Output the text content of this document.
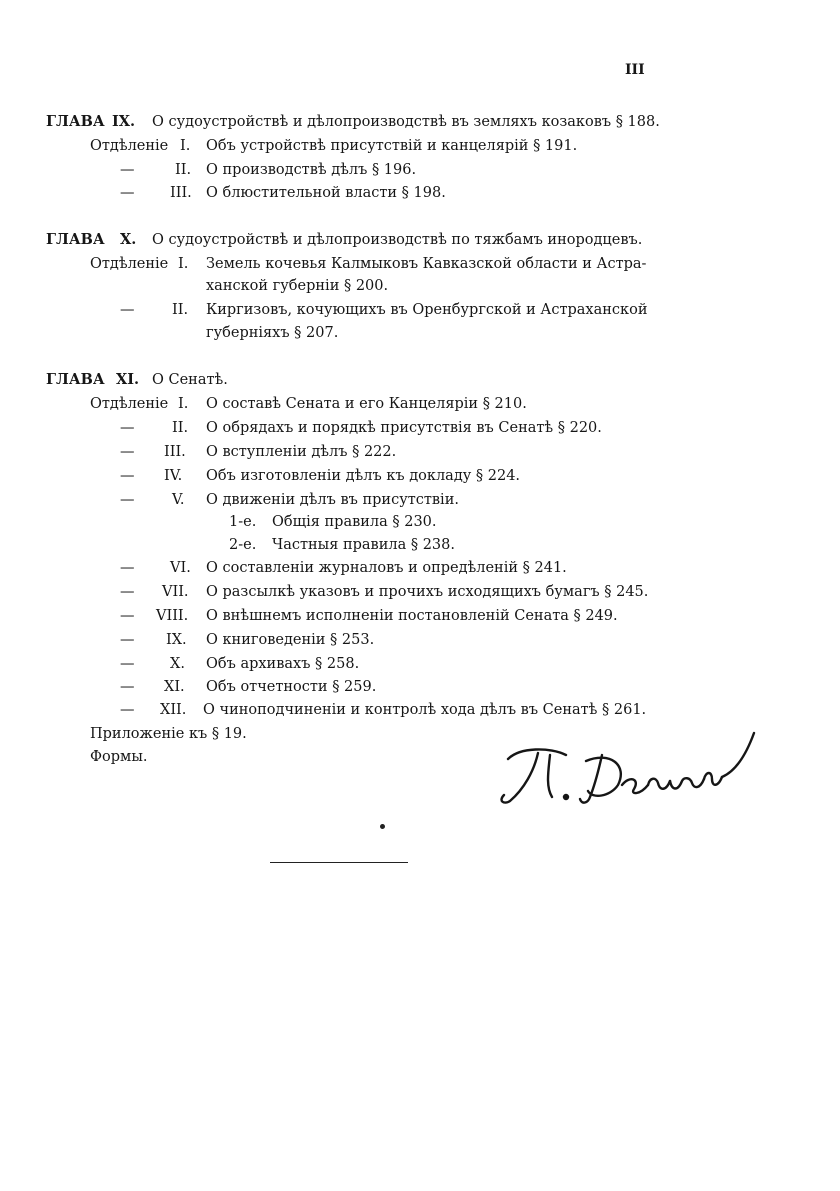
III
ГЛАВА IX. О судоустройствѣ и дѣлопроизводствѣ въ земляхъ козаковъ § 188.
Отдѣленiе I. Объ устройствѣ присутствiй и канцелярiй § 191.
—	II. О производствѣ дѣлъ § 196.
— III. О блюстительной власти § 198.
ГЛАВА X. О судоустройствѣ и дѣлопроизводствѣ по тяжбамъ инородцевъ.
Отдѣленiе I. Земель кочевья Калмыковъ Кавказской области и Астра-
ханской губернiи § 200.
—	II. Киргизовъ, кочующихъ въ Оренбургской и Астраханской
губернiяхъ § 207.
ГЛАВА XI. О Сенатѣ.
Отдѣленiе I. О составѣ Сената и его Канцелярiи § 210.
—	II. О обрядахъ и порядкѣ присутствiя въ Сенатѣ § 220.
— III. О вступленiи дѣлъ § 222.
— IV. Объ изготовленiи дѣлъ къ докладу § 224.
—	V. О движенiи дѣлъ въ присутствiи.
1-е. Общiя правила § 230.
2-е. Частныя правила § 238.
— VI. О составленiи журналовъ и опредѣленiй § 241.
— VII. О разсылкѣ указовъ и прочихъ исходящихъ бумагъ § 245.
— VIII. О внѣшнемъ исполненiи постановленiй Сената § 249.
— IX. О книговеденiи § 253.
— X. Объ архивахъ § 258.
— XI. Объ отчетности § 259.
— XII. О чиноподчиненiи и контролѣ хода дѣлъ въ Сенатѣ § 261.
Приложенiе къ § 19.
Формы.
